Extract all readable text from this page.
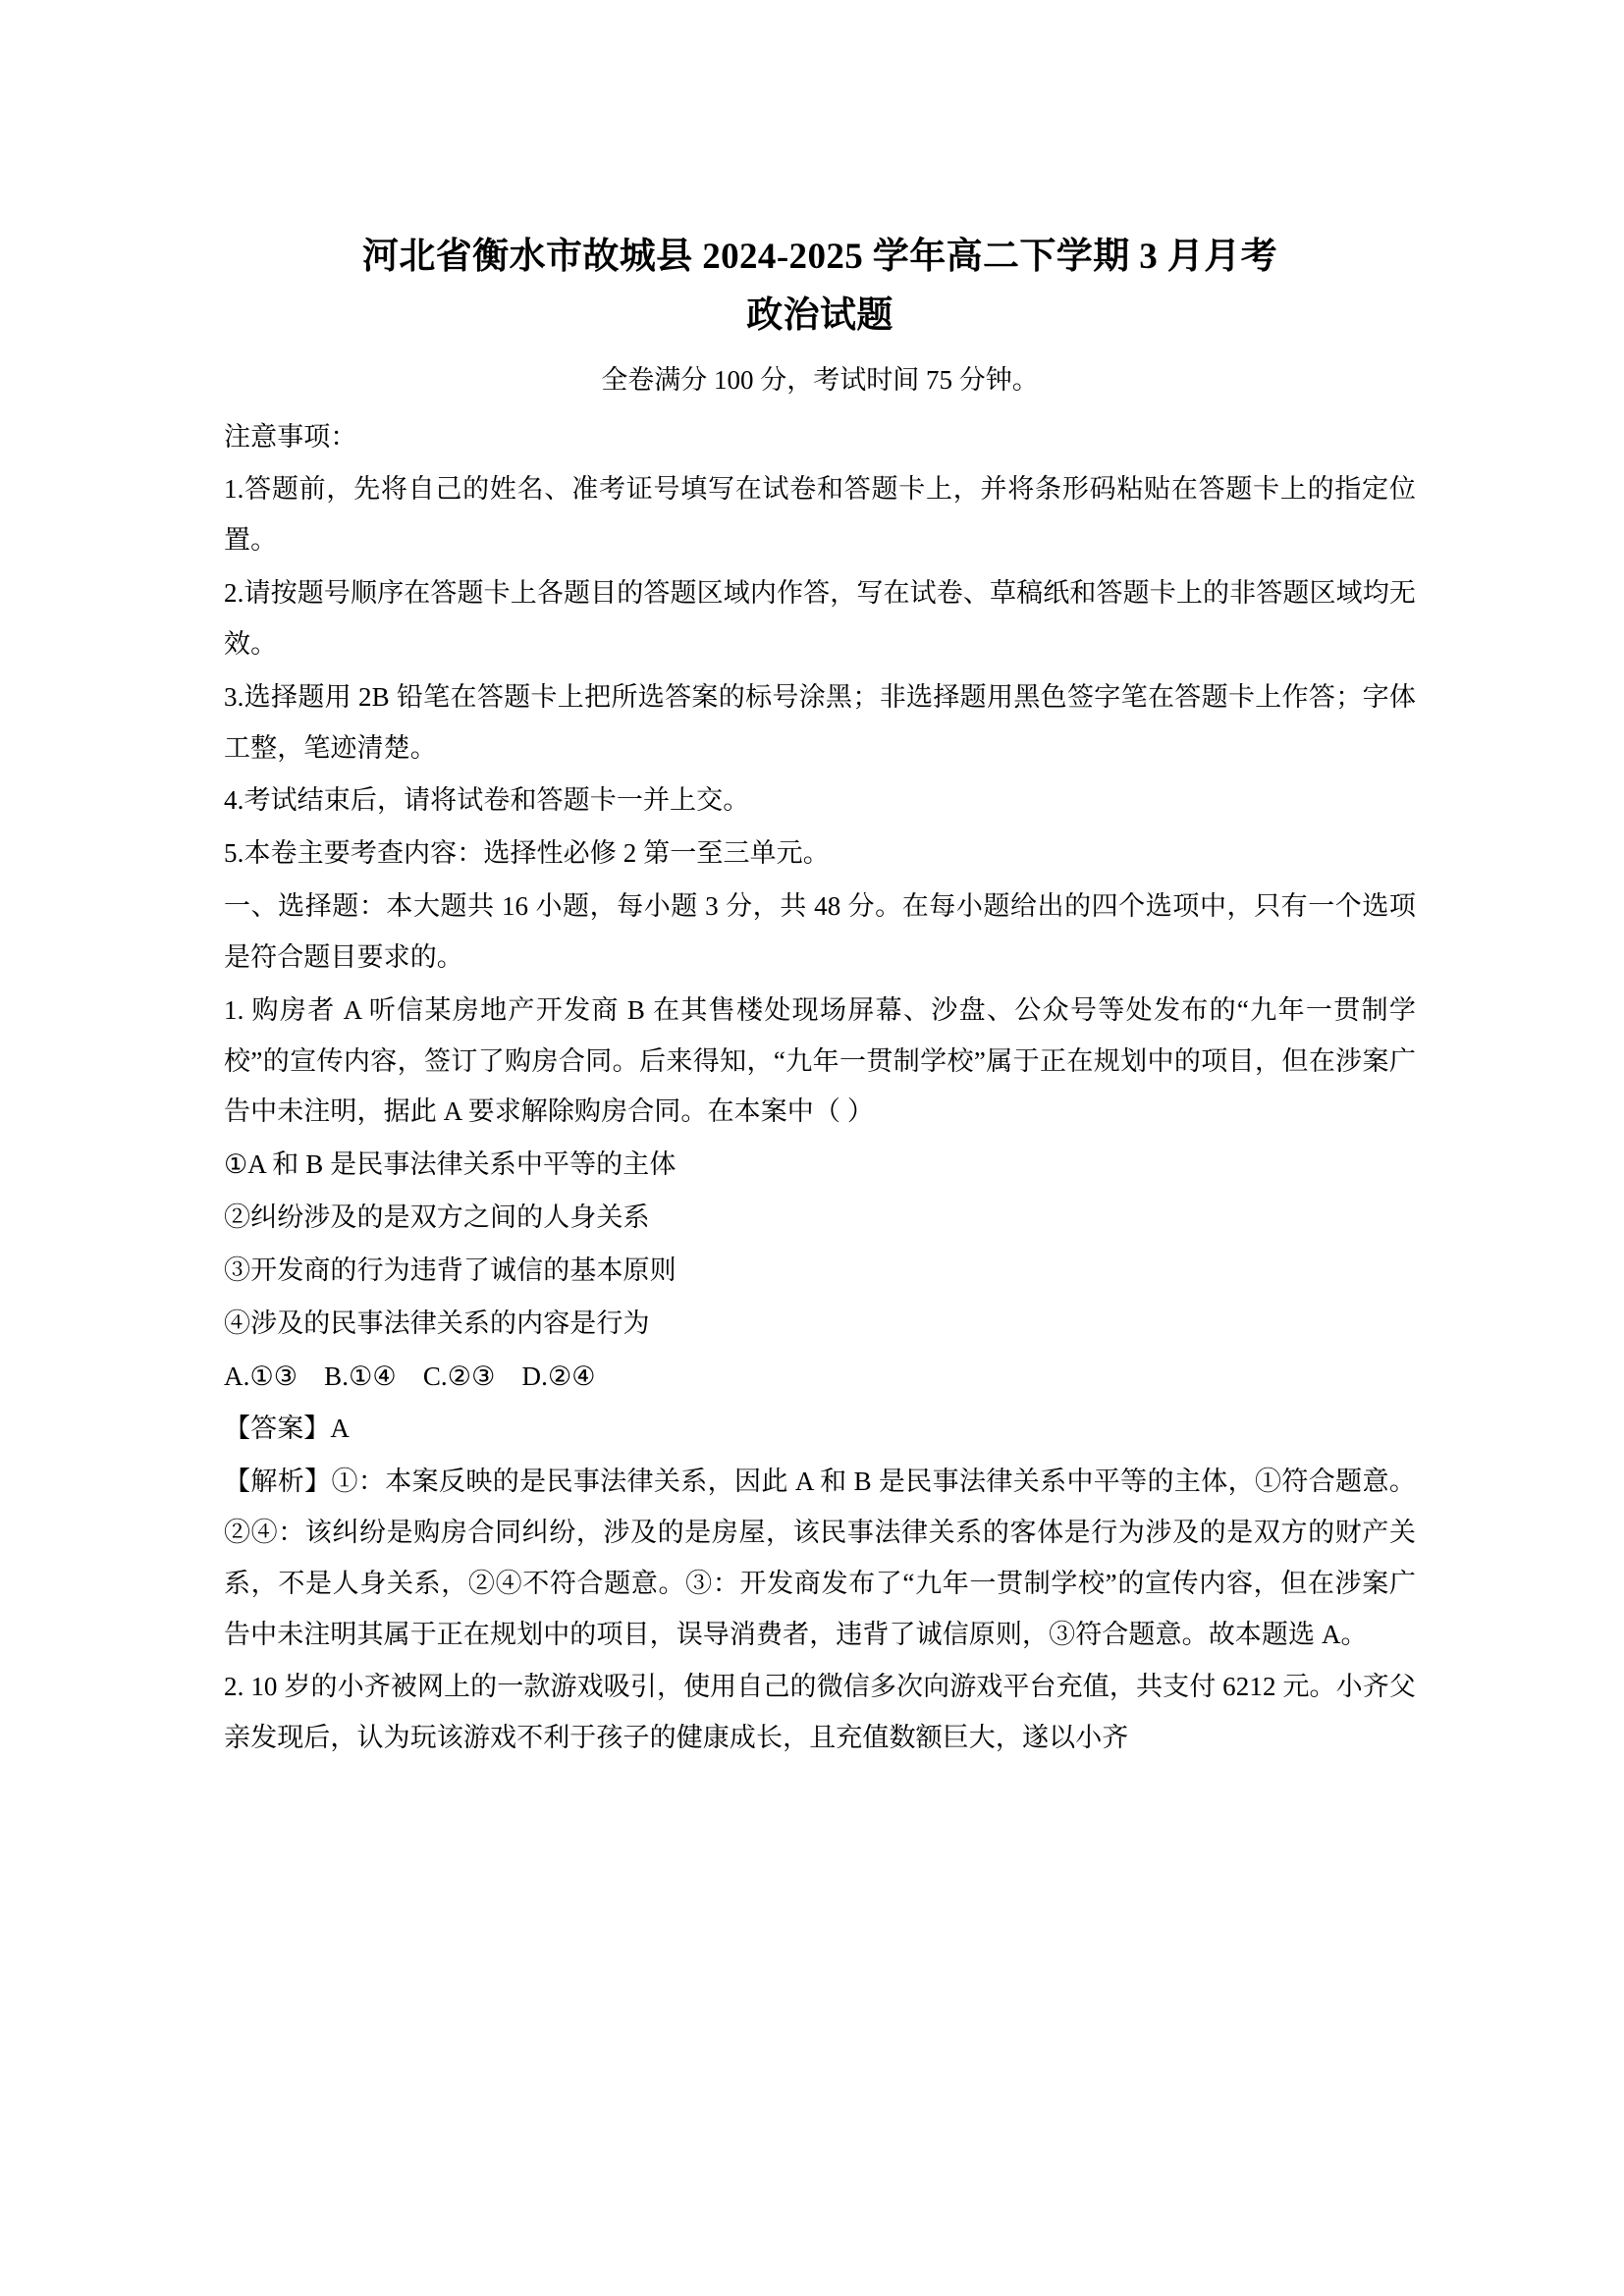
河北省衡水市故城县 2024-2025 学年高二下学期 3 月月考
政治试题

全卷满分 100 分，考试时间 75 分钟。

注意事项：

1.答题前，先将自己的姓名、准考证号填写在试卷和答题卡上，并将条形码粘贴在答题卡上的指定位置。

2.请按题号顺序在答题卡上各题目的答题区域内作答，写在试卷、草稿纸和答题卡上的非答题区域均无效。

3.选择题用 2B 铅笔在答题卡上把所选答案的标号涂黑；非选择题用黑色签字笔在答题卡上作答；字体工整，笔迹清楚。

4.考试结束后，请将试卷和答题卡一并上交。

5.本卷主要考查内容：选择性必修 2 第一至三单元。

一、选择题：本大题共 16 小题，每小题 3 分，共 48 分。在每小题给出的四个选项中，只有一个选项是符合题目要求的。

1. 购房者 A 听信某房地产开发商 B 在其售楼处现场屏幕、沙盘、公众号等处发布的“九年一贯制学校”的宣传内容，签订了购房合同。后来得知，“九年一贯制学校”属于正在规划中的项目，但在涉案广告中未注明，据此 A 要求解除购房合同。在本案中（ ）

①A 和 B 是民事法律关系中平等的主体

②纠纷涉及的是双方之间的人身关系

③开发商的行为违背了诚信的基本原则

④涉及的民事法律关系的内容是行为

A.①③　B.①④　C.②③　D.②④

【答案】A

【解析】①：本案反映的是民事法律关系，因此 A 和 B 是民事法律关系中平等的主体，①符合题意。②④：该纠纷是购房合同纠纷，涉及的是房屋，该民事法律关系的客体是行为涉及的是双方的财产关系，不是人身关系，②④不符合题意。③：开发商发布了“九年一贯制学校”的宣传内容，但在涉案广告中未注明其属于正在规划中的项目，误导消费者，违背了诚信原则，③符合题意。故本题选 A。

2. 10 岁的小齐被网上的一款游戏吸引，使用自己的微信多次向游戏平台充值，共支付 6212 元。小齐父亲发现后，认为玩该游戏不利于孩子的健康成长，且充值数额巨大，遂以小齐
